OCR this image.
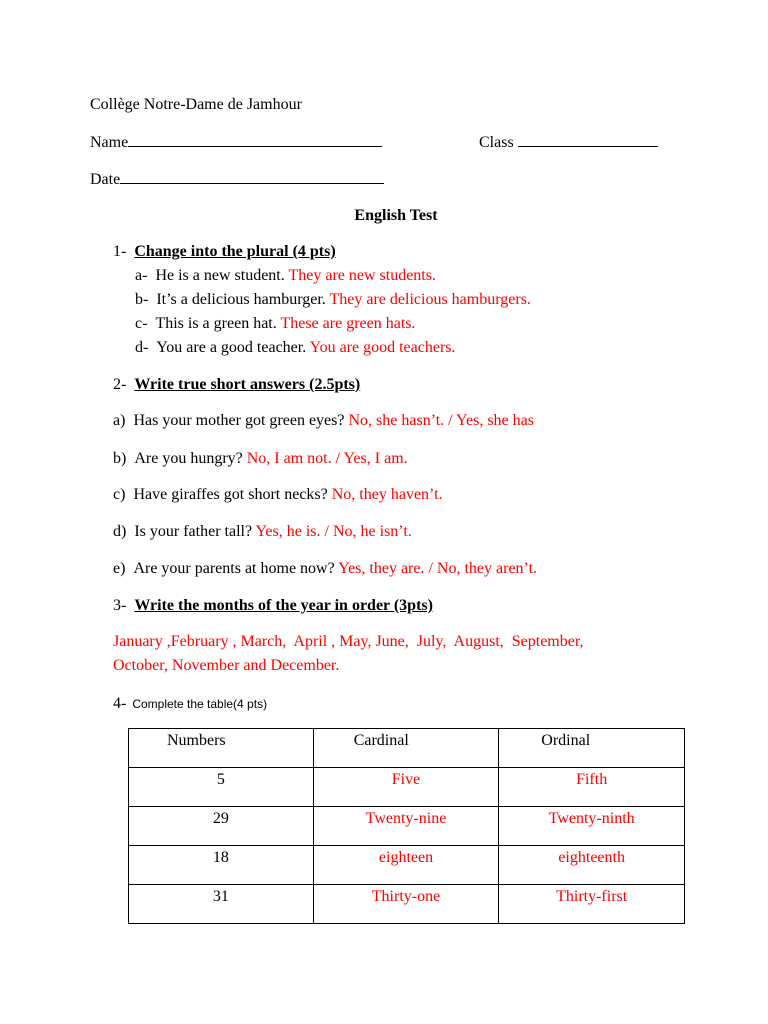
Collège Notre-Dame de Jamhour
Name	Class
Date
English Test
1- Change into the plural (4 pts)
a- He is a new student. They are new students.
b- It’s a delicious hamburger. They are delicious hamburgers.
c- This is a green hat. These are green hats.
d- You are a good teacher. You are good teachers.
2- Write true short answers (2.5pts)
a) Has your mother got green eyes? No, she hasn’t. / Yes, she has
b) Are you hungry? No, I am not. / Yes, I am.
c) Have giraffes got short necks? No, they haven’t.
d) Is your father tall? Yes, he is. / No, he isn’t.
e) Are your parents at home now? Yes, they are. / No, they aren’t.
3- Write the months of the year in order (3pts)
January ,February , March,  April , May, June,  July,  August,  September,
October, November and December.
4- Complete the table(4 pts)
Numbers	Cardinal	Ordinal
5	Five	Fifth
29	Twenty-nine	Twenty-ninth
18	eighteen	eighteenth
31	Thirty-one	Thirty-first
